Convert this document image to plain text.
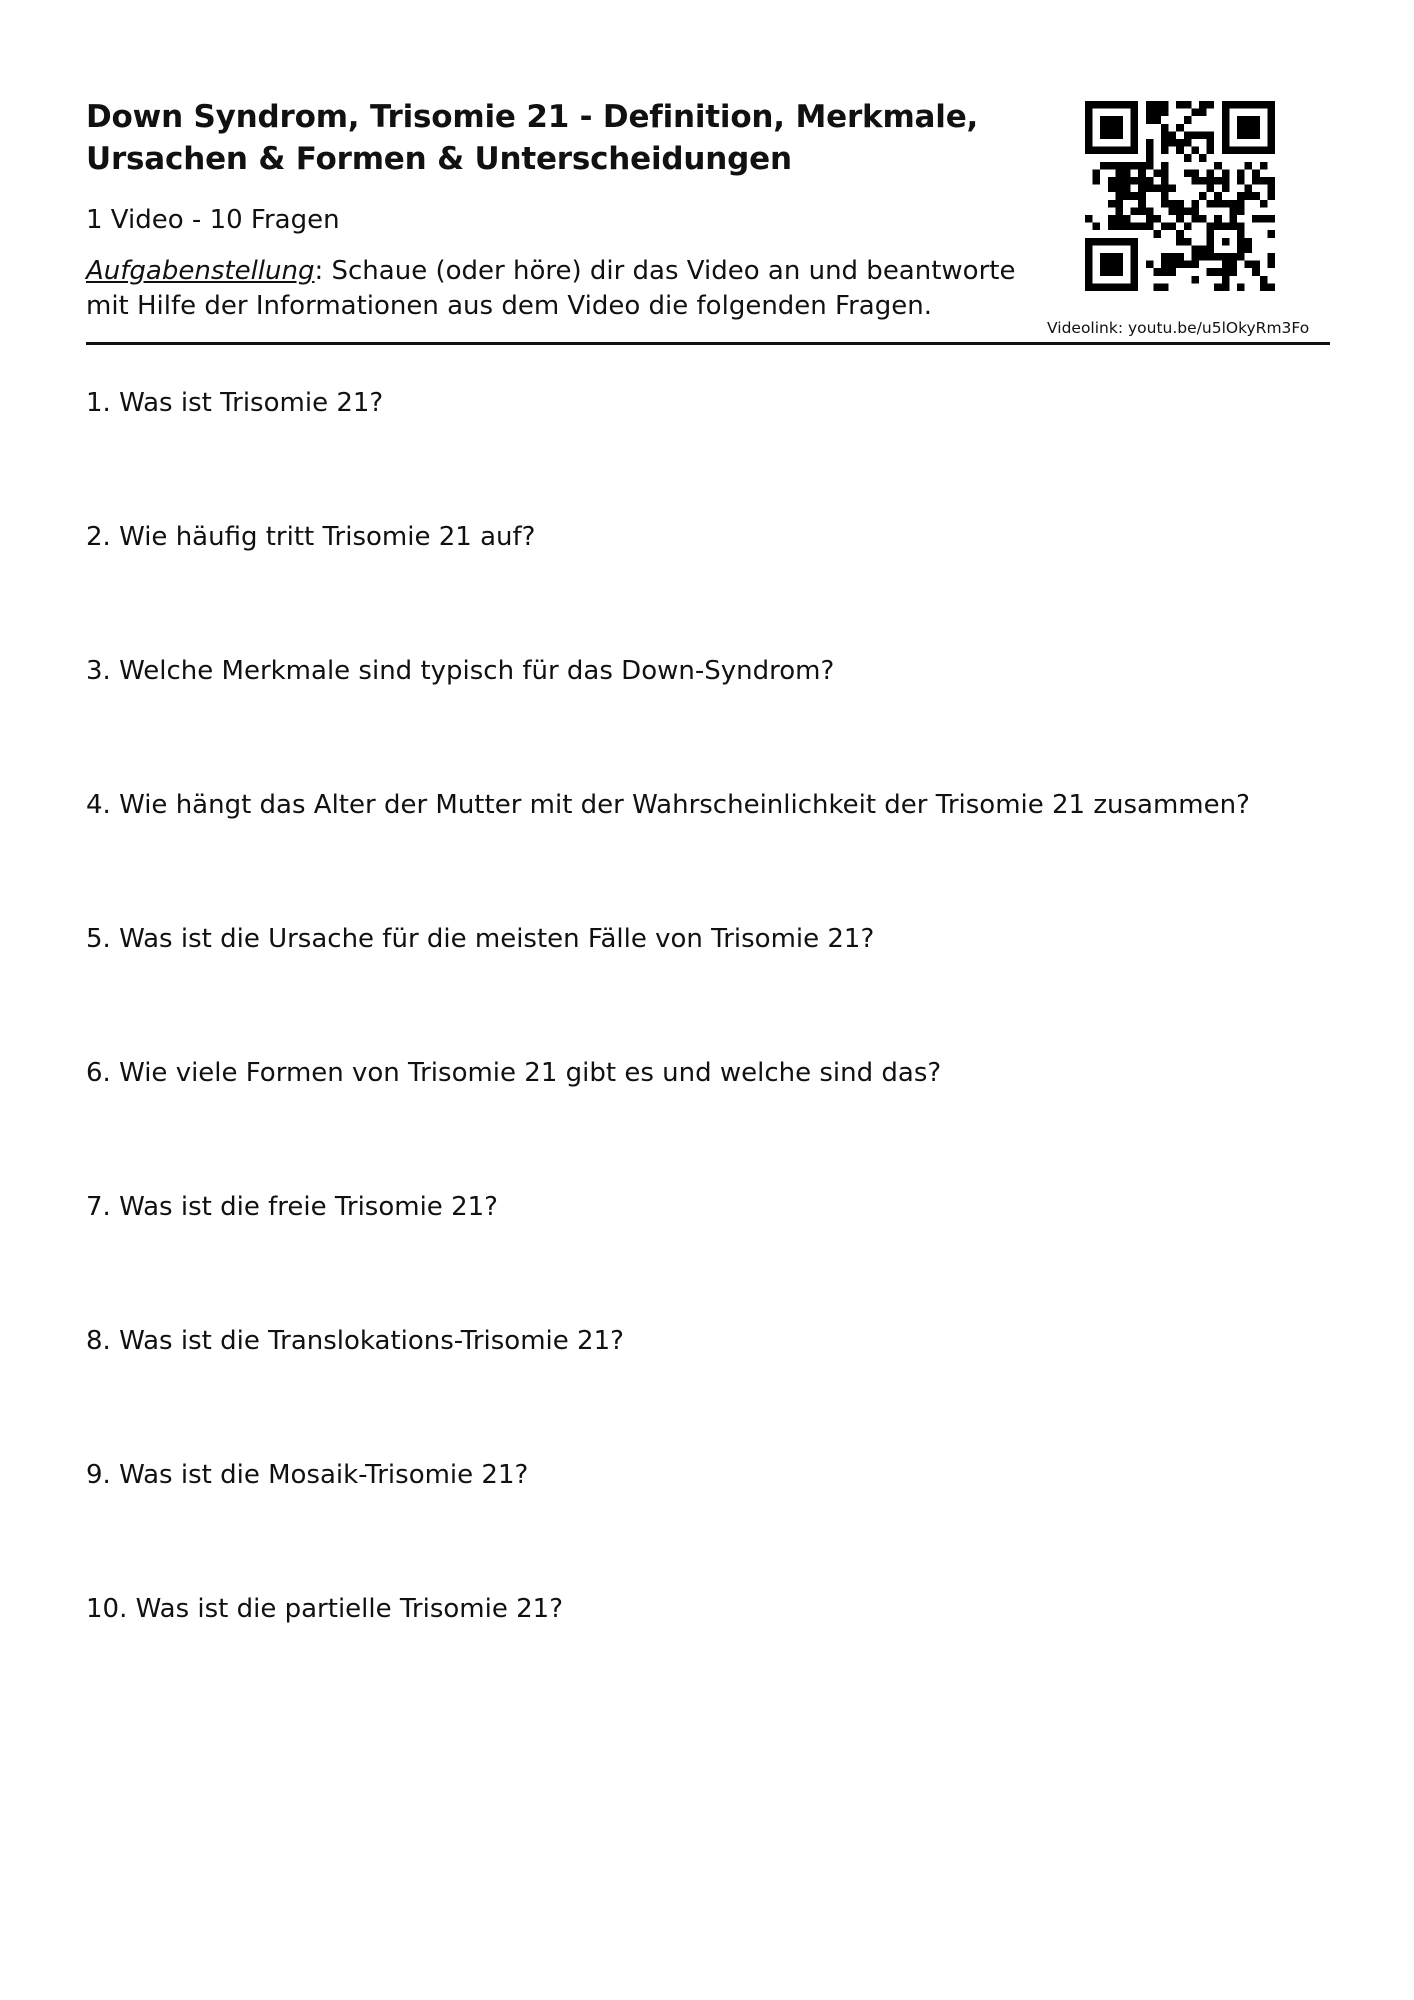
Down Syndrom, Trisomie 21 - Definition, Merkmale,
Ursachen & Formen & Unterscheidungen
1 Video - 10 Fragen
Aufgabenstellung: Schaue (oder höre) dir das Video an und beantworte mit Hilfe der Informationen aus dem Video die folgenden Fragen.
Videolink: youtu.be/u5lOkyRm3Fo
1. Was ist Trisomie 21?
2. Wie häufig tritt Trisomie 21 auf?
3. Welche Merkmale sind typisch für das Down-Syndrom?
4. Wie hängt das Alter der Mutter mit der Wahrscheinlichkeit der Trisomie 21 zusammen?
5. Was ist die Ursache für die meisten Fälle von Trisomie 21?
6. Wie viele Formen von Trisomie 21 gibt es und welche sind das?
7. Was ist die freie Trisomie 21?
8. Was ist die Translokations-Trisomie 21?
9. Was ist die Mosaik-Trisomie 21?
10. Was ist die partielle Trisomie 21?
